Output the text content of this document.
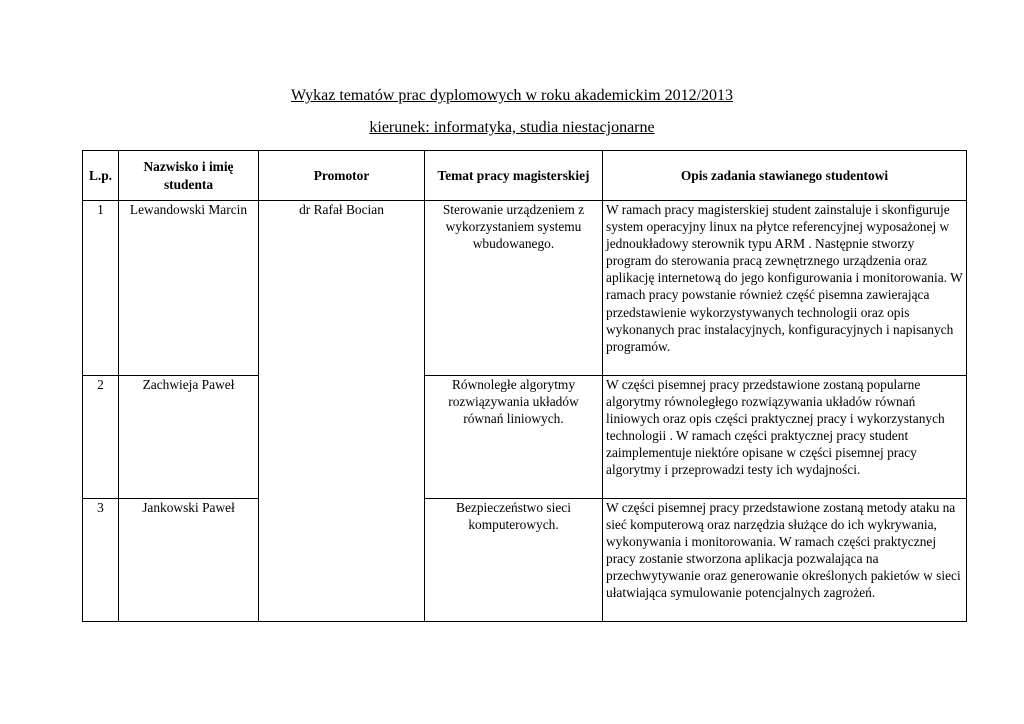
Wykaz tematów prac dyplomowych w roku akademickim 2012/2013
kierunek: informatyka, studia niestacjonarne
L.p.	Nazwisko i imię studenta	Promotor	Temat pracy magisterskiej	Opis zadania stawianego studentowi
1	Lewandowski Marcin	dr Rafał Bocian	Sterowanie urządzeniem z wykorzystaniem systemu wbudowanego.	W ramach pracy magisterskiej student zainstaluje i skonfiguruje system operacyjny linux na płytce referencyjnej wyposażonej w jednoukładowy sterownik typu ARM . Następnie stworzy program do sterowania pracą zewnętrznego urządzenia oraz aplikację internetową do jego konfigurowania i monitorowania. W ramach pracy powstanie również część pisemna zawierająca przedstawienie wykorzystywanych technologii oraz opis wykonanych prac instalacyjnych, konfiguracyjnych i napisanych programów.
2	Zachwieja Paweł		Równoległe algorytmy rozwiązywania układów równań liniowych.	W części pisemnej pracy przedstawione zostaną popularne algorytmy równoległego rozwiązywania układów równań liniowych oraz opis części praktycznej pracy i wykorzystanych technologii . W ramach części praktycznej pracy student zaimplementuje niektóre opisane w części pisemnej pracy algorytmy i przeprowadzi testy ich wydajności.
3	Jankowski Paweł		Bezpieczeństwo sieci komputerowych.	W części pisemnej pracy przedstawione zostaną metody ataku na sieć komputerową oraz narzędzia służące do ich wykrywania, wykonywania i monitorowania. W ramach części praktycznej pracy zostanie stworzona aplikacja pozwalająca na przechwytywanie oraz generowanie określonych pakietów w sieci ułatwiająca symulowanie potencjalnych zagrożeń.
